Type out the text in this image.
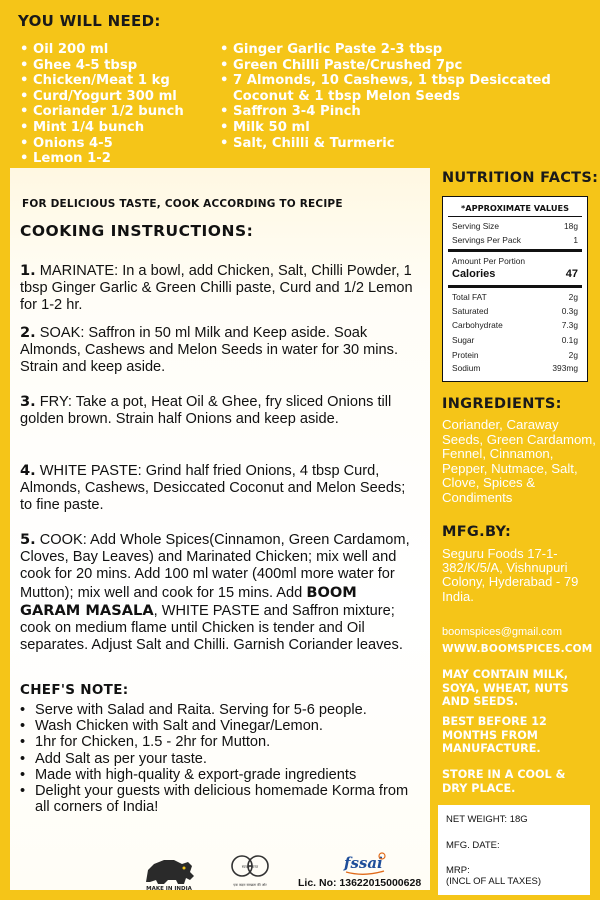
YOU WILL NEED:
• Oil 200 ml
• Ghee 4-5 tbsp
• Chicken/Meat 1 kg
• Curd/Yogurt 300 ml
• Coriander 1/2 bunch
• Mint 1/4 bunch
• Onions 4-5
• Lemon 1-2
• Ginger Garlic Paste 2-3 tbsp
• Green Chilli Paste/Crushed 7pc
• 7 Almonds, 10 Cashews, 1 tbsp Desiccated Coconut & 1 tbsp Melon Seeds
• Saffron 3-4 Pinch
• Milk 50 ml
• Salt, Chilli & Turmeric
FOR DELICIOUS TASTE, COOK ACCORDING TO RECIPE
COOKING INSTRUCTIONS:
1. MARINATE: In a bowl, add Chicken, Salt, Chilli Powder, 1 tbsp Ginger Garlic & Green Chilli paste, Curd and 1/2 Lemon for 1-2 hr.
2. SOAK: Saffron in 50 ml Milk and Keep aside. Soak Almonds, Cashews and Melon Seeds in water for 30 mins. Strain and keep aside.
3. FRY: Take a pot, Heat Oil & Ghee, fry sliced Onions till golden brown. Strain half Onions and keep aside.
4. WHITE PASTE: Grind half fried Onions, 4 tbsp Curd, Almonds, Cashews, Desiccated Coconut and Melon Seeds; to fine paste.
5. COOK: Add Whole Spices(Cinnamon, Green Cardamom, Cloves, Bay Leaves) and Marinated Chicken; mix well and cook for 20 mins. Add 100 ml water (400ml more water for Mutton); mix well and cook for 15 mins. Add BOOM GARAM MASALA, WHITE PASTE and Saffron mixture; cook on medium flame until Chicken is tender and Oil separates. Adjust Salt and Chilli. Garnish Coriander leaves.
CHEF'S NOTE:
• Serve with Salad and Raita. Serving for 5-6 people.
• Wash Chicken with Salt and Vinegar/Lemon.
• 1hr for Chicken, 1.5 - 2hr for Mutton.
• Add Salt as per your taste.
• Made with high-quality & export-grade ingredients
• Delight your guests with delicious homemade Korma from all corners of India!
MAKE IN INDIA
स्वच्छ भारत
एक कदम स्वच्छता की ओर
fssai
Lic. No: 13622015000628
NUTRITION FACTS:
*APPROXIMATE VALUES
Serving Size	18g
Servings Per Pack	1
Amount Per Portion
Calories	47
Total FAT	2g
Saturated	0.3g
Carbohydrate	7.3g
Sugar	0.1g
Protein	2g
Sodium	393mg
INGREDIENTS:
Coriander, Caraway Seeds, Green Cardamom, Fennel, Cinnamon, Pepper, Nutmace, Salt, Clove, Spices & Condiments
MFG.BY:
Seguru Foods 17-1-382/K/5/A, Vishnupuri Colony, Hyderabad - 79 India.
boomspices@gmail.com
WWW.BOOMSPICES.COM
MAY CONTAIN MILK, SOYA, WHEAT, NUTS AND SEEDS.
BEST BEFORE 12 MONTHS FROM MANUFACTURE.
STORE IN A COOL & DRY PLACE.
NET WEIGHT: 18G
MFG. DATE:
MRP:
(INCL OF ALL TAXES)
